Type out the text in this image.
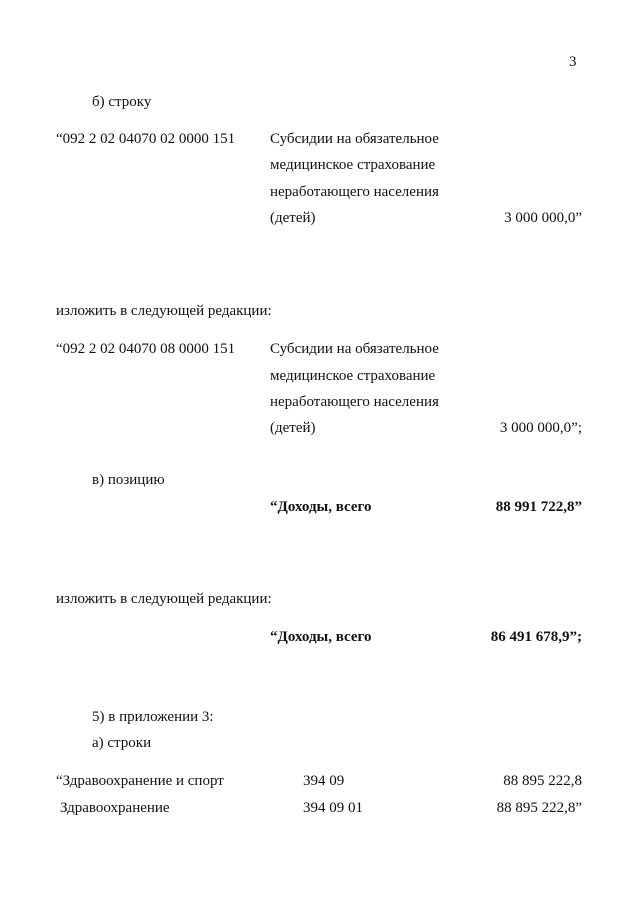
3
б) строку
“092 2 02 04070 02 0000 151 Субсидии на обязательное
медицинское страхование
неработающего населения
(детей)	3 000 000,0”
изложить в следующей редакции:
“092 2 02 04070 08 0000 151 Субсидии на обязательное
медицинское страхование
неработающего населения
(детей)	3 000 000,0”;
в) позицию
“Доходы, всего	88 991 722,8”
изложить в следующей редакции:
“Доходы, всего	86 491 678,9”;
5) в приложении 3:
а) строки
“Здравоохранение и спорт	394 09	88 895 222,8
Здравоохранение	394 09 01	88 895 222,8”
